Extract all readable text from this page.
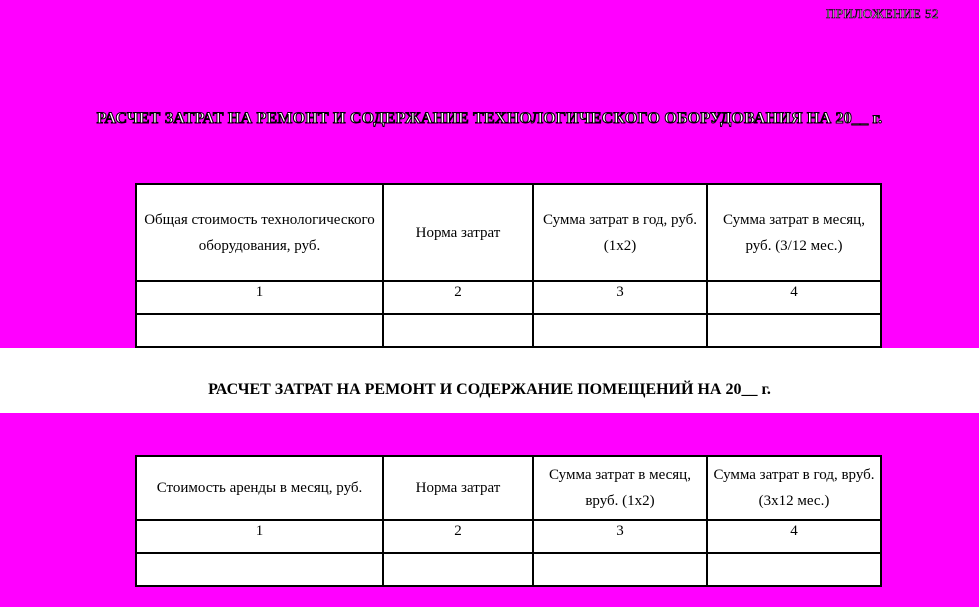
ПРИЛОЖЕНИЕ 52
РАСЧЕТ ЗАТРАТ НА РЕМОНТ И СОДЕРЖАНИЕ ТЕХНОЛОГИЧЕСКОГО ОБОРУДОВАНИЯ НА 20__ г.
Общая стоимость технологического оборудования, руб.	Норма затрат	Сумма затрат в год, руб. (1х2)	Сумма затрат в месяц, руб. (3/12 мес.)
1	2	3	4

РАСЧЕТ ЗАТРАТ НА РЕМОНТ И СОДЕРЖАНИЕ ПОМЕЩЕНИЙ НА 20__ г.
Стоимость аренды в месяц, руб.	Норма затрат	Сумма затрат в месяц, вруб. (1х2)	Сумма затрат в год, вруб. (3х12 мес.)
1	2	3	4
